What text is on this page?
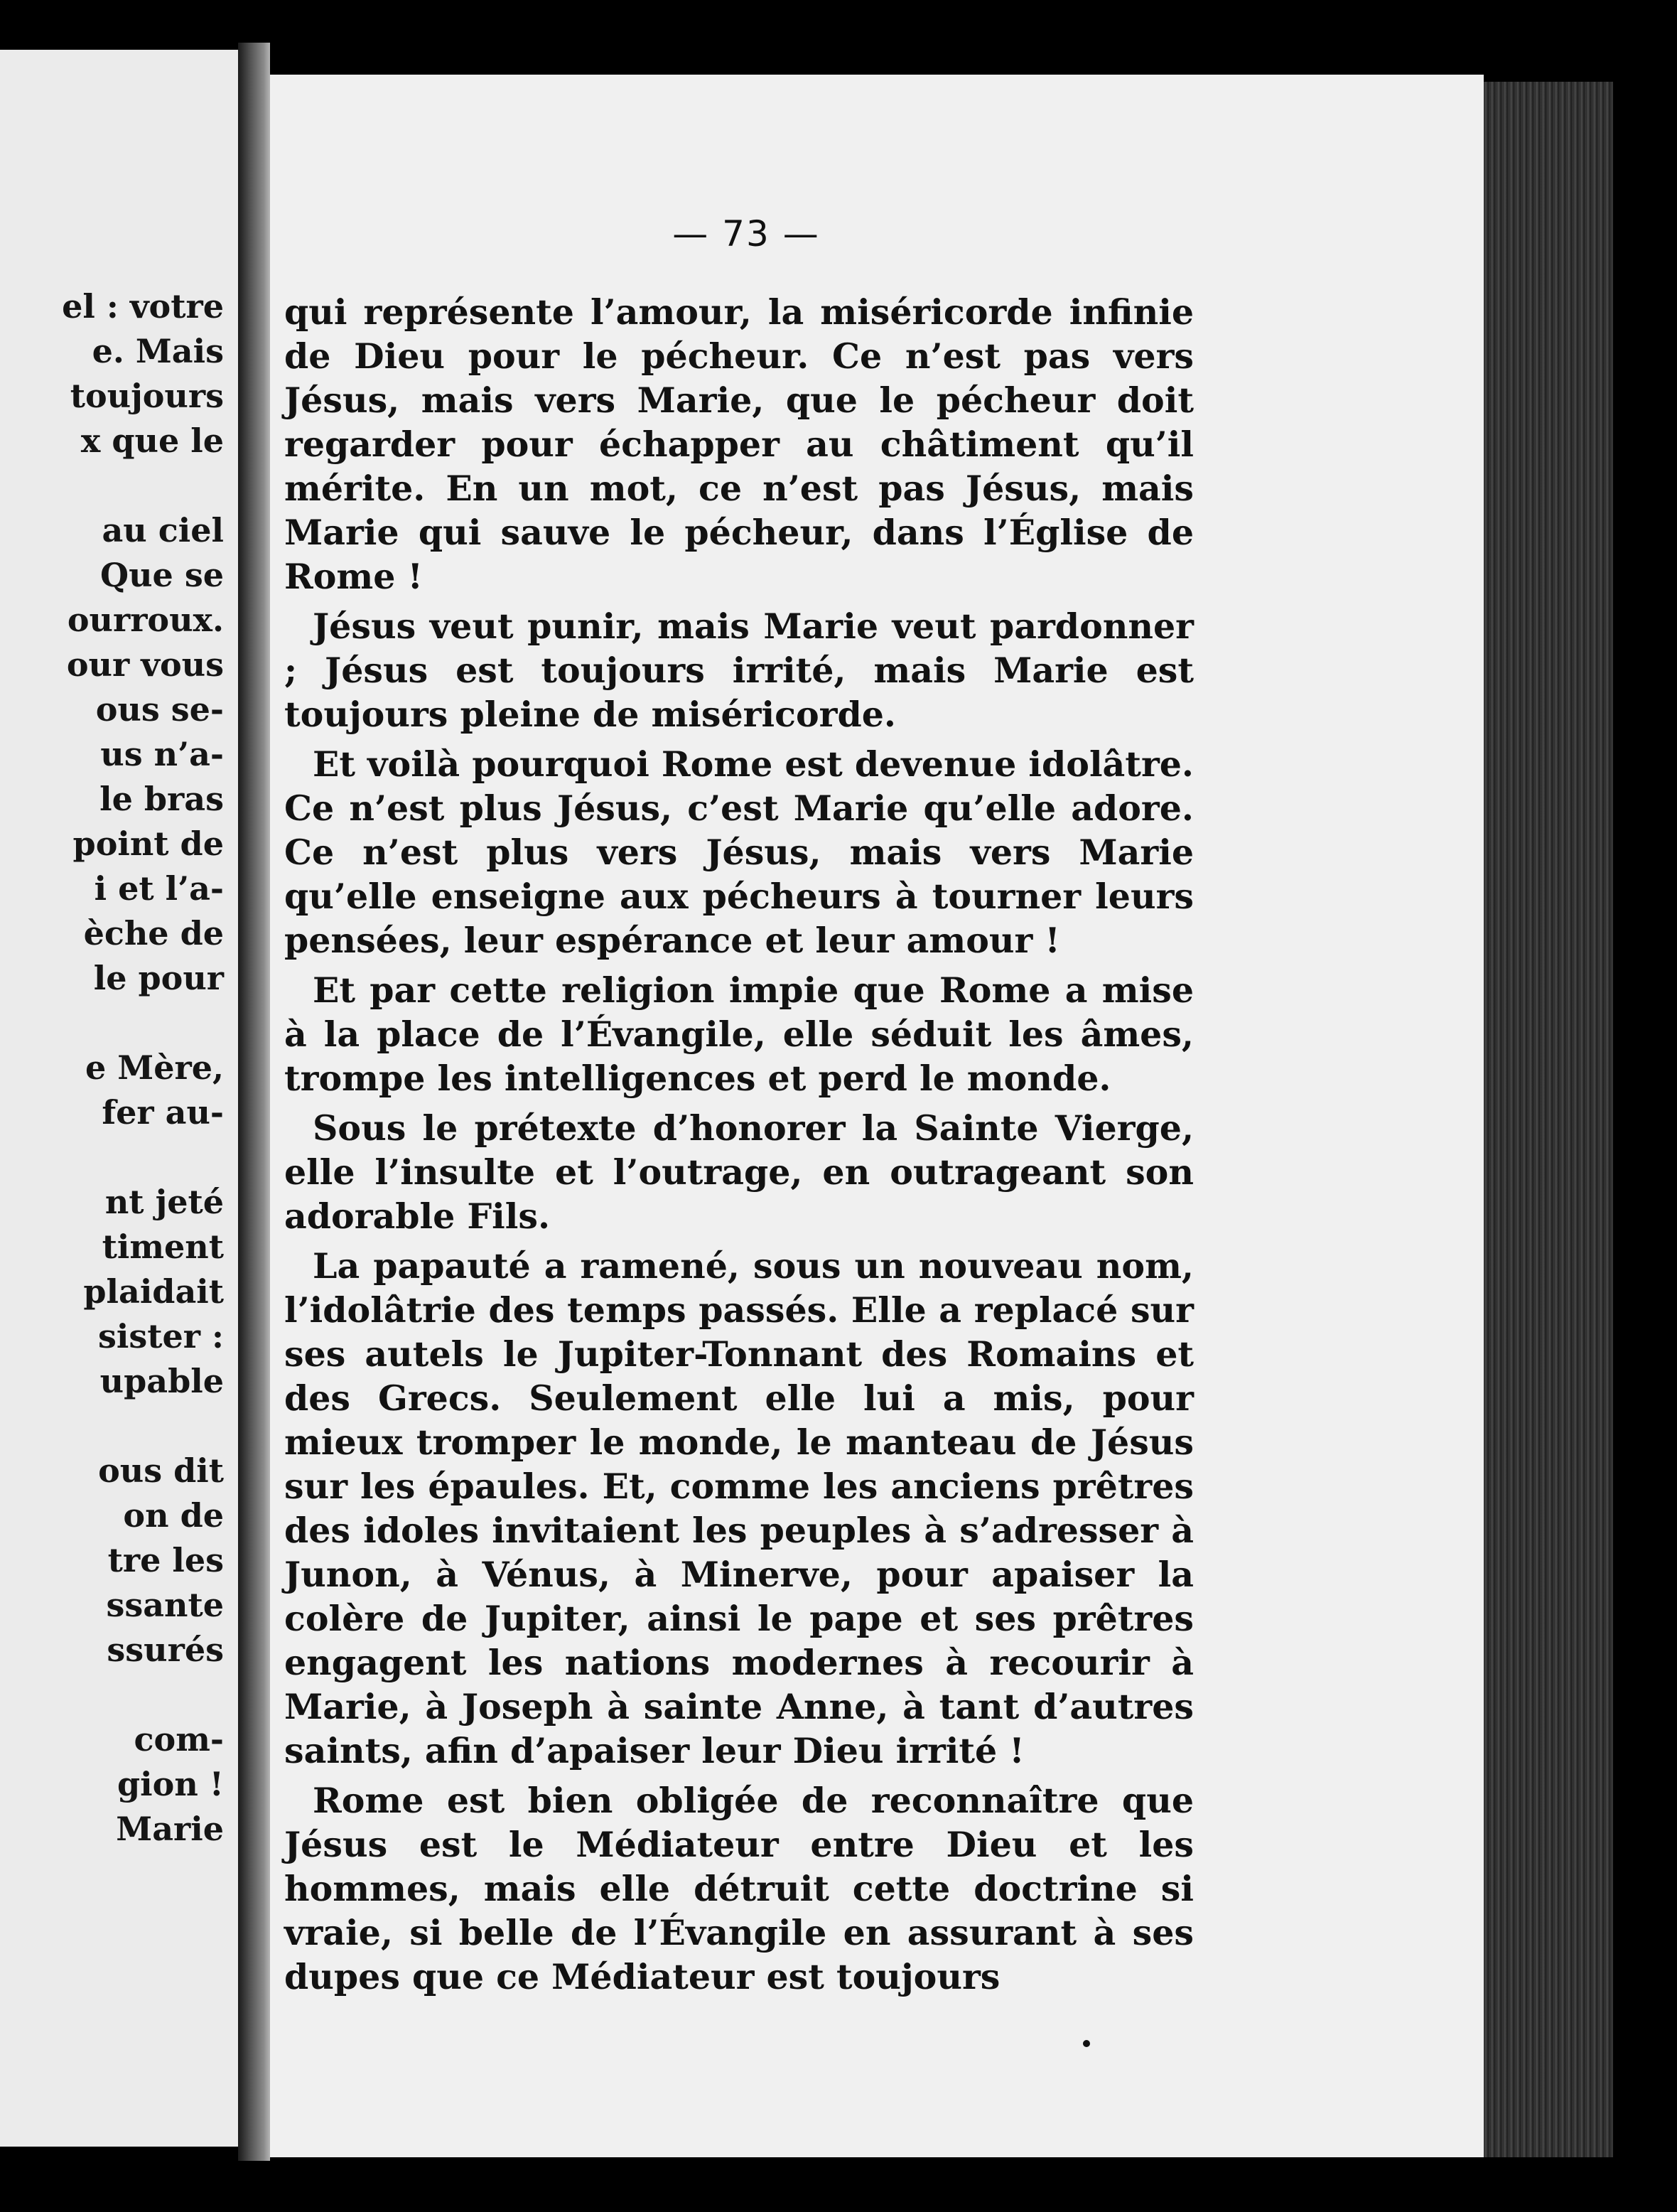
el : votre
e. Mais
toujours
x que le
au ciel
Que se
ourroux.
our vous
ous se-
us n’a-
le bras
point de
i et l’a-
èche de
le pour
e Mère,
fer au-
nt jeté
timent
plaidait
sister :
upable
ous dit
on de
tre les
ssante
ssurés
com-
gion !
Marie
— 73 —

qui représente l’amour, la miséricorde infinie de Dieu pour le pécheur. Ce n’est pas vers Jésus, mais vers Marie, que le pécheur doit regarder pour échapper au châtiment qu’il mérite. En un mot, ce n’est pas Jésus, mais Marie qui sauve le pécheur, dans l’Église de Rome !

Jésus veut punir, mais Marie veut pardonner ; Jésus est toujours irrité, mais Marie est toujours pleine de miséricorde.

Et voilà pourquoi Rome est devenue idolâtre. Ce n’est plus Jésus, c’est Marie qu’elle adore. Ce n’est plus vers Jésus, mais vers Marie qu’elle enseigne aux pécheurs à tourner leurs pensées, leur espérance et leur amour !

Et par cette religion impie que Rome a mise à la place de l’Évangile, elle séduit les âmes, trompe les intelligences et perd le monde.

Sous le prétexte d’honorer la Sainte Vierge, elle l’insulte et l’outrage, en outrageant son adorable Fils.

La papauté a ramené, sous un nouveau nom, l’idolâtrie des temps passés. Elle a replacé sur ses autels le Jupiter-Tonnant des Romains et des Grecs. Seulement elle lui a mis, pour mieux tromper le monde, le manteau de Jésus sur les épaules. Et, comme les anciens prêtres des idoles invitaient les peuples à s’adresser à Junon, à Vénus, à Minerve, pour apaiser la colère de Jupiter, ainsi le pape et ses prêtres engagent les nations modernes à recourir à Marie, à Joseph à sainte Anne, à tant d’autres saints, afin d’apaiser leur Dieu irrité !

Rome est bien obligée de reconnaître que Jésus est le Médiateur entre Dieu et les hommes, mais elle détruit cette doctrine si vraie, si belle de l’Évangile en assurant à ses dupes que ce Médiateur est toujours
